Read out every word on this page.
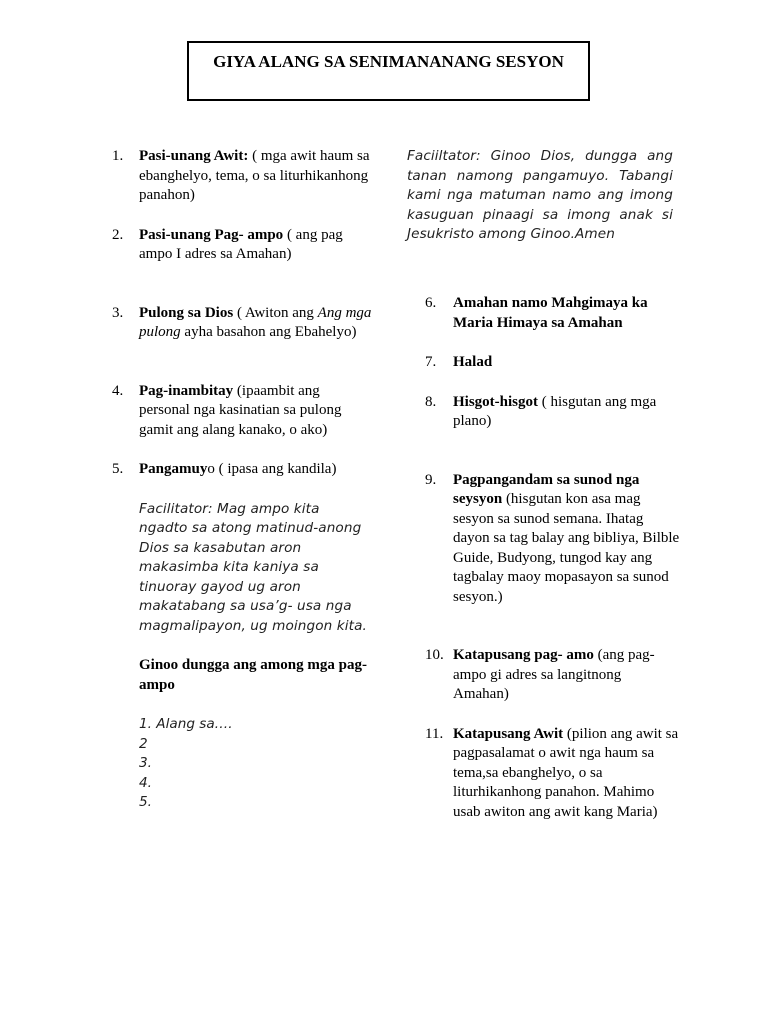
GIYA ALANG SA SENIMANANANG SESYON
1. Pasi-unang Awit: ( mga awit haum sa ebanghelyo, tema, o sa liturhikanhong panahon)
2. Pasi-unang Pag- ampo ( ang pag ampo I adres sa Amahan)
3. Pulong sa Dios ( Awiton ang Ang mga pulong ayha basahon ang Ebahelyo)
4. Pag-inambitay (ipaambit ang personal nga kasinatian sa pulong gamit ang alang kanako, o ako)
5. Pangamuyo ( ipasa ang kandila)
Facilitator: Mag ampo kita ngadto sa atong matinud-anong Dios sa kasabutan aron makasimba kita kaniya sa tinuoray gayod ug aron makatabang sa usa’g- usa nga magmalipayon, ug moingon kita.
Ginoo dungga ang among mga pag-ampo
1. Alang sa….
2
3.
4.
5.
Faciiltator: Ginoo Dios, dungga ang tanan namong pangamuyo. Tabangi kami nga matuman namo ang imong kasuguan pinaagi sa imong anak si Jesukristo among Ginoo.Amen
6. Amahan namo Mahgimaya ka Maria Himaya sa Amahan
7. Halad
8. Hisgot-hisgot ( hisgutan ang mga plano)
9. Pagpangandam sa sunod nga seysyon (hisgutan kon asa mag sesyon sa sunod semana. Ihatag dayon sa tag balay ang bibliya, Bilble Guide, Budyong, tungod kay ang tagbalay maoy mopasayon sa sunod sesyon.)
10. Katapusang pag- amo (ang pag- ampo gi adres sa langitnong Amahan)
11. Katapusang Awit (pilion ang awit sa pagpasalamat o awit nga haum sa tema,sa ebanghelyo, o sa liturhikanhong panahon. Mahimo usab awiton ang awit kang Maria)
